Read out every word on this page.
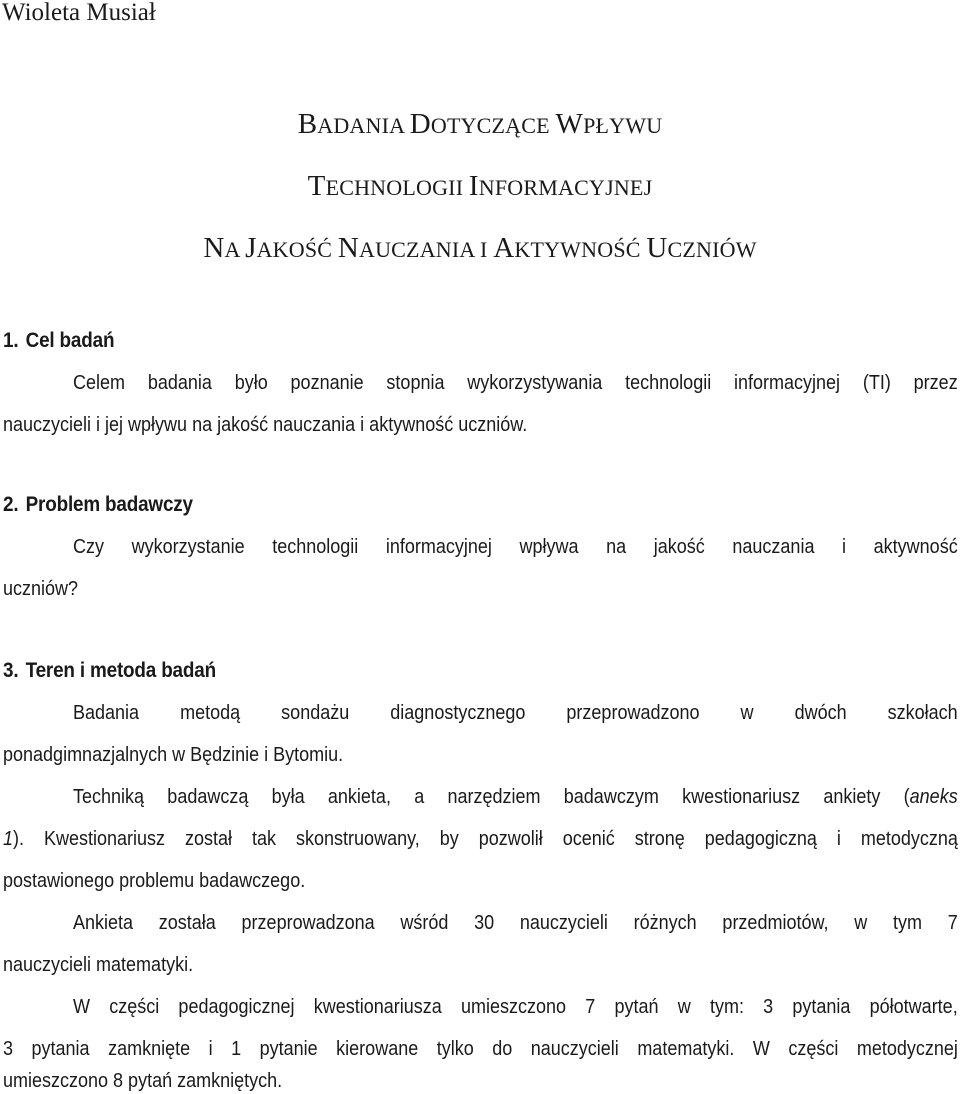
Wioleta Musiał
BADANIA DOTYCZĄCE WPŁYWU
TECHNOLOGII INFORMACYJNEJ
NA JAKOŚĆ NAUCZANIA I AKTYWNOŚĆ UCZNIÓW
1. Cel badań
Celem badania było poznanie stopnia wykorzystywania technologii informacyjnej (TI) przez
nauczycieli i jej wpływu na jakość nauczania i aktywność uczniów.
2. Problem badawczy
Czy wykorzystanie technologii informacyjnej wpływa na jakość nauczania i aktywność
uczniów?
3. Teren i metoda badań
Badania metodą sondażu diagnostycznego przeprowadzono w dwóch szkołach
ponadgimnazjalnych w Będzinie i Bytomiu.
Techniką badawczą była ankieta, a narzędziem badawczym kwestionariusz ankiety (aneks
1). Kwestionariusz został tak skonstruowany, by pozwolił ocenić stronę pedagogiczną i metodyczną
postawionego problemu badawczego.
Ankieta została przeprowadzona wśród 30 nauczycieli różnych przedmiotów, w tym 7
nauczycieli matematyki.
W części pedagogicznej kwestionariusza umieszczono 7 pytań w tym: 3 pytania półotwarte,
3 pytania zamknięte i 1 pytanie kierowane tylko do nauczycieli matematyki. W części metodycznej
umieszczono 8 pytań zamkniętych.
